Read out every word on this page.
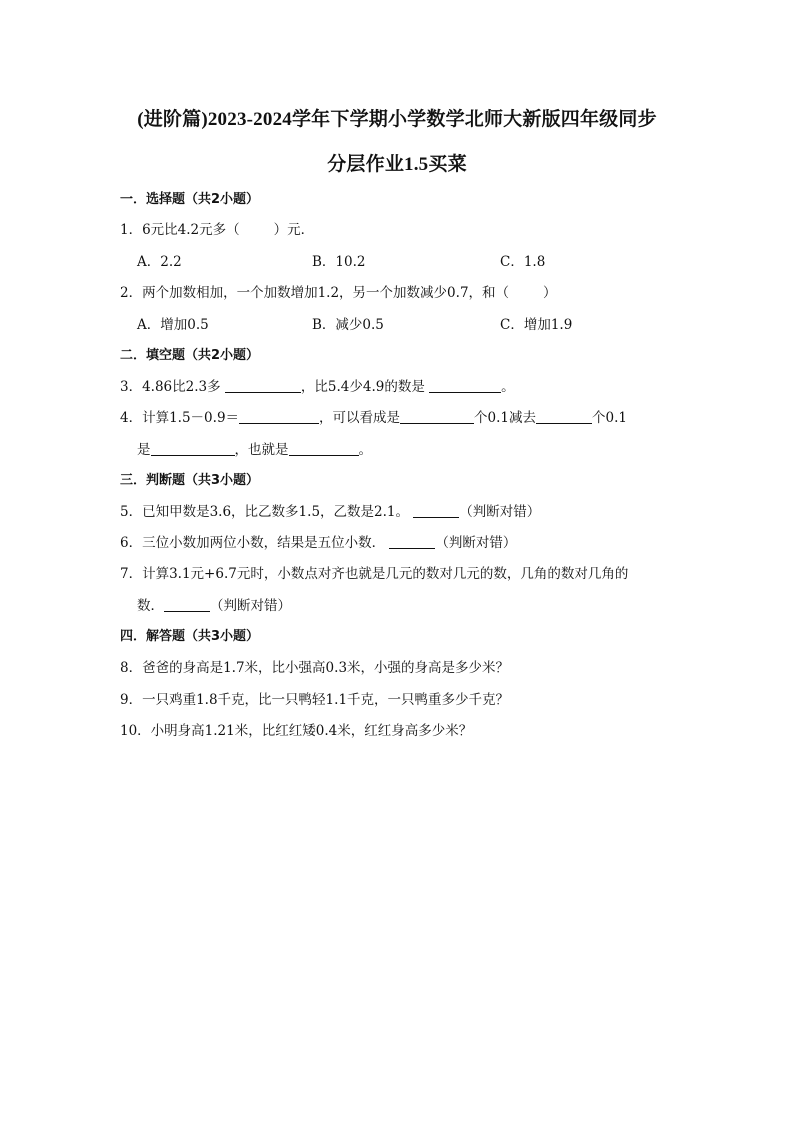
(进阶篇)2023-2024学年下学期小学数学北师大新版四年级同步
分层作业1.5买菜
一．选择题（共2小题）
1．6元比4.2元多（	）元．
A．2.2	B．10.2	C．1.8
2．两个加数相加，一个加数增加1.2，另一个加数减少0.7，和（	）
A．增加0.5	B．减少0.5	C．增加1.9
二．填空题（共2小题）
3．4.86比2.3多	，比5.4少4.9的数是	。
4．计算1.5－0.9＝	，可以看成是	个0.1减去	个0.1
是	，也就是	。
三．判断题（共3小题）
5．已知甲数是3.6，比乙数多1.5，乙数是2.1。	（判断对错）
6．三位小数加两位小数，结果是五位小数．	（判断对错）
7．计算3.1元+6.7元时，小数点对齐也就是几元的数对几元的数，几角的数对几角的
数．	（判断对错）
四．解答题（共3小题）
8．爸爸的身高是1.7米，比小强高0.3米，小强的身高是多少米？
9．一只鸡重1.8千克，比一只鸭轻1.1千克，一只鸭重多少千克？
10．小明身高1.21米，比红红矮0.4米，红红身高多少米？
